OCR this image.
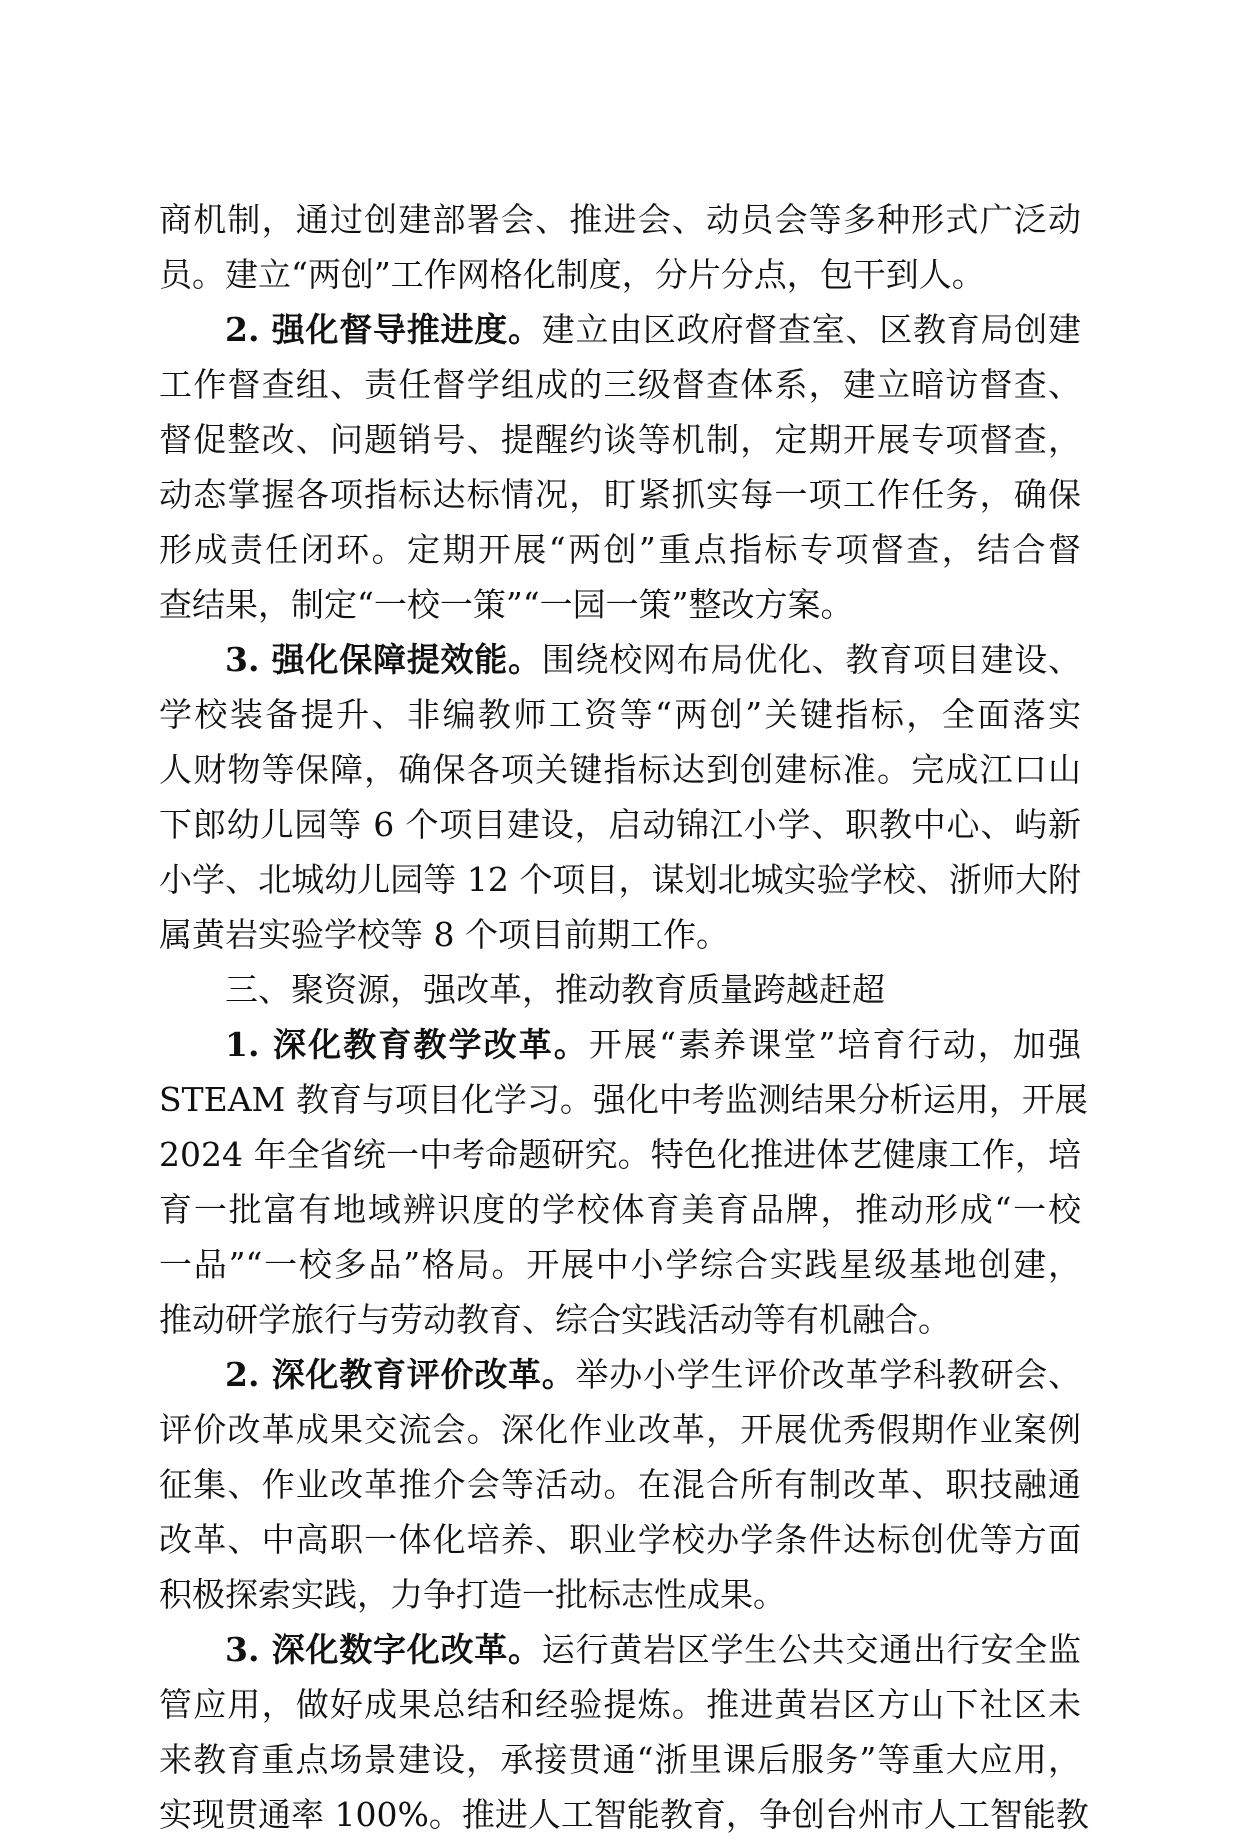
商机制，通过创建部署会、推进会、动员会等多种形式广泛动
员。建立“两创”工作网格化制度，分片分点，包干到人。
2. 强化督导推进度。建立由区政府督查室、区教育局创建
工作督查组、责任督学组成的三级督查体系，建立暗访督查、
督促整改、问题销号、提醒约谈等机制，定期开展专项督查，
动态掌握各项指标达标情况，盯紧抓实每一项工作任务，确保
形成责任闭环。定期开展“两创”重点指标专项督查，结合督
查结果，制定“一校一策”“一园一策”整改方案。
3. 强化保障提效能。围绕校网布局优化、教育项目建设、
学校装备提升、非编教师工资等“两创”关键指标，全面落实
人财物等保障，确保各项关键指标达到创建标准。完成江口山
下郎幼儿园等 6 个项目建设，启动锦江小学、职教中心、屿新
小学、北城幼儿园等 12 个项目，谋划北城实验学校、浙师大附
属黄岩实验学校等 8 个项目前期工作。
三、聚资源，强改革，推动教育质量跨越赶超
1. 深化教育教学改革。开展“素养课堂”培育行动，加强
STEAM 教育与项目化学习。强化中考监测结果分析运用，开展
2024 年全省统一中考命题研究。特色化推进体艺健康工作，培
育一批富有地域辨识度的学校体育美育品牌，推动形成“一校
一品”“一校多品”格局。开展中小学综合实践星级基地创建，
推动研学旅行与劳动教育、综合实践活动等有机融合。
2. 深化教育评价改革。举办小学生评价改革学科教研会、
评价改革成果交流会。深化作业改革，开展优秀假期作业案例
征集、作业改革推介会等活动。在混合所有制改革、职技融通
改革、中高职一体化培养、职业学校办学条件达标创优等方面
积极探索实践，力争打造一批标志性成果。
3. 深化数字化改革。运行黄岩区学生公共交通出行安全监
管应用，做好成果总结和经验提炼。推进黄岩区方山下社区未
来教育重点场景建设，承接贯通“浙里课后服务”等重大应用，
实现贯通率 100%。推进人工智能教育，争创台州市人工智能教
